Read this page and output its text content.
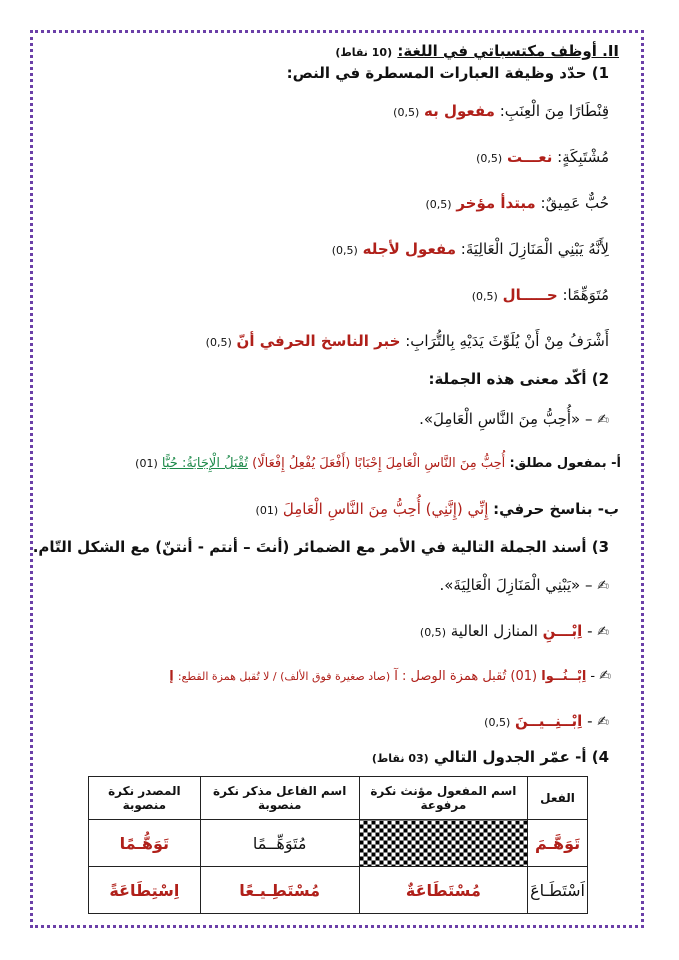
II. أوظف مكتسباتي في اللغة: (10 نقاط)
1) حدّد وظيفة العبارات المسطرة في النص:
قِنْطَارًا مِنَ الْعِنَبِ: مفعول به (0,5)
مُشْتَبِكَةٍ: نعـــت (0,5)
حُبٌّ عَمِيقٌ: مبتدأ مؤخر (0,5)
لِأَنَّهُ يَبْنِي الْمَنَازِلَ الْعَالِيَةَ: مفعول لأجله (0,5)
مُتَوَهِّمًا: حـــــال (0,5)
أَشْرَفُ مِنْ أَنْ يُلَوِّثَ يَدَيْهِ بِالتُّرَابِ: خبر الناسخ الحرفي أنّ (0,5)
2) أكّد معنى هذه الجملة:
✍ – «أُحِبُّ مِنَ النَّاسِ الْعَامِلَ».
أ- بمفعول مطلق: أُحِبُّ مِنَ النَّاسِ الْعَامِلَ إِحْبَابًا (أَفْعَلَ يُفْعِلُ إِفْعَالًا) تُقْبَلُ الْإِجَابَةُ: حُبًّا (01)
ب- بناسخ حرفي: إِنِّي (إِنَّنِي) أُحِبُّ مِنَ النَّاسِ الْعَامِلَ (01)
3) أسند الجملة التالية في الأمر مع الضمائر (أنتَ – أنتم - أنتنّ) مع الشكل التّام.
✍ – «يَبْنِي الْمَنَازِلَ الْعَالِيَةَ».
✍ - اِبْـــنِ المنازل العالية (0,5)
✍ - اِبْــنُــوا (01) تُقبل همزة الوصل : آ (صاد صغيرة فوق الألف) / لا تُقبل همزة القطع: إ
✍ - اِبْــنِــيــنَ (0,5)
4) أ- عمّر الجدول التالي (03 نقاط)
الفعل	اسم المفعول مؤنث نكرة مرفوعة	اسم الفاعل مذكر نكرة منصوبة	المصدر نكرة منصوبة
تَوَهَّـمَ		مُتَوَهِّــمًا	تَوَهُّـمًا
اَسْتَطَـاعَ	مُسْتَطَاعَةٌ	مُسْتَطِـيـعًا	اِسْتِطَاعَةً
